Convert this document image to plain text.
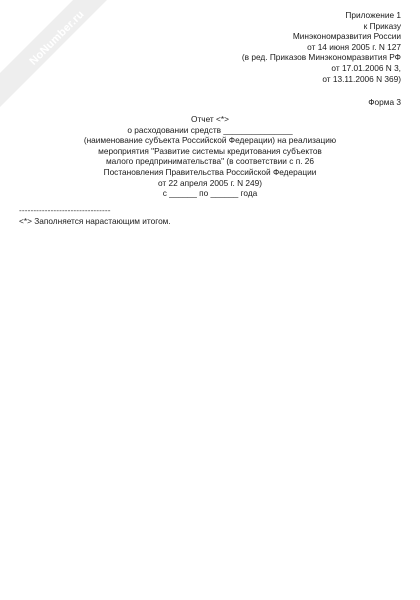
NoNumber.ru	Приложение 1
к Приказу
Минэкономразвития России
от 14 июня 2005 г. N 127
(в ред. Приказов Минэкономразвития РФ
от 17.01.2006 N 3,
от 13.11.2006 N 369)
Форма 3
Отчет <*>
о расходовании средств _______________
(наименование субъекта Российской Федерации) на реализацию
мероприятия "Развитие системы кредитования субъектов
малого предпринимательства" (в соответствии с п. 26
Постановления Правительства Российской Федерации
от 22 апреля 2005 г. N 249)
с ______ по ______ года
--------------------------------
<*> Заполняется нарастающим итогом.
